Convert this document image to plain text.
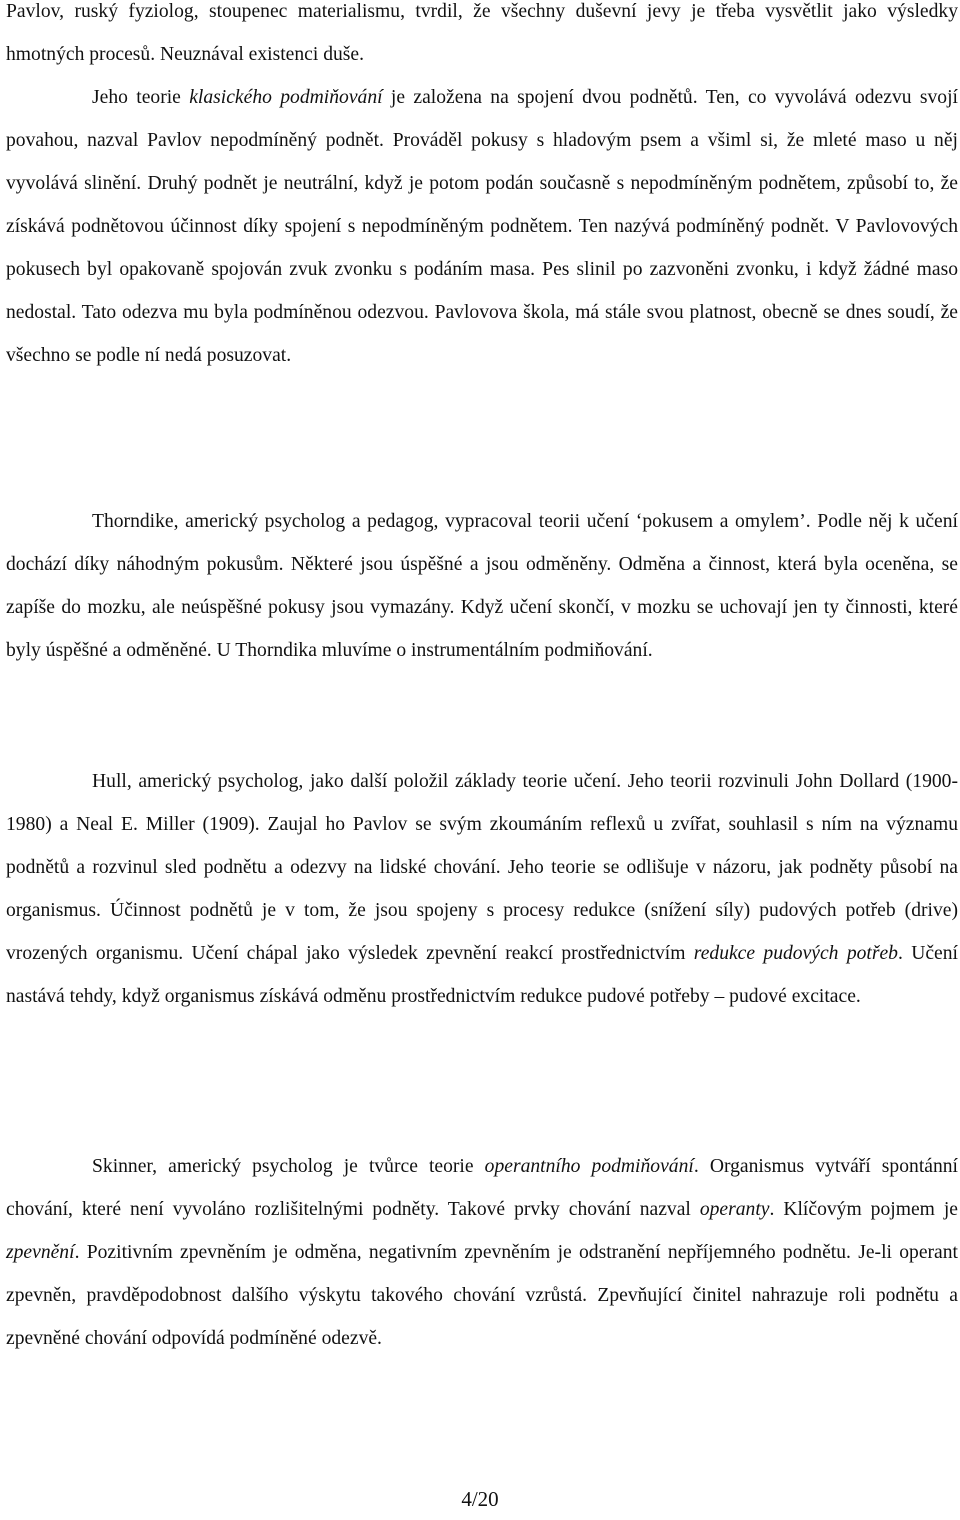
Pavlov, ruský fyziolog, stoupenec materialismu, tvrdil, že všechny duševní jevy je třeba vysvětlit jako výsledky hmotných procesů. Neuznával existenci duše.

Jeho teorie klasického podmiňování je založena na spojení dvou podnětů. Ten, co vyvolává odezvu svojí povahou, nazval Pavlov nepodmíněný podnět. Prováděl pokusy s hladovým psem a všiml si, že mleté maso u něj vyvolává slinění. Druhý podnět je neutrální, když je potom podán současně s nepodmíněným podnětem, způsobí to, že získává podnětovou účinnost díky spojení s nepodmíněným podnětem. Ten nazývá podmíněný podnět. V Pavlovových pokusech byl opakovaně spojován zvuk zvonku s podáním masa. Pes slinil po zazvoněni zvonku, i když žádné maso nedostal. Tato odezva mu byla podmíněnou odezvou. Pavlovova škola, má stále svou platnost, obecně se dnes soudí, že všechno se podle ní nedá posuzovat.

Thorndike, americký psycholog a pedagog, vypracoval teorii učení ‘pokusem a omylem’. Podle něj k učení dochází díky náhodným pokusům. Některé jsou úspěšné a jsou odměněny. Odměna a činnost, která byla oceněna, se zapíše do mozku, ale neúspěšné pokusy jsou vymazány. Když učení skončí, v mozku se uchovají jen ty činnosti, které byly úspěšné a odměněné. U Thorndika mluvíme o instrumentálním podmiňování.

Hull, americký psycholog, jako další položil základy teorie učení. Jeho teorii rozvinuli John Dollard (1900-1980) a Neal E. Miller (1909). Zaujal ho Pavlov se svým zkoumáním reflexů u zvířat, souhlasil s ním na významu podnětů a rozvinul sled podnětu a odezvy na lidské chování. Jeho teorie se odlišuje v názoru, jak podněty působí na organismus. Účinnost podnětů je v tom, že jsou spojeny s procesy redukce (snížení síly) pudových potřeb (drive) vrozených organismu. Učení chápal jako výsledek zpevnění reakcí prostřednictvím redukce pudových potřeb. Učení nastává tehdy, když organismus získává odměnu prostřednictvím redukce pudové potřeby – pudové excitace.

Skinner, americký psycholog je tvůrce teorie operantního podmiňování. Organismus vytváří spontánní chování, které není vyvoláno rozlišitelnými podněty. Takové prvky chování nazval operanty. Klíčovým pojmem je zpevnění. Pozitivním zpevněním je odměna, negativním zpevněním je odstranění nepříjemného podnětu. Je-li operant zpevněn, pravděpodobnost dalšího výskytu takového chování vzrůstá. Zpevňující činitel nahrazuje roli podnětu a zpevněné chování odpovídá podmíněné odezvě.

4/20
